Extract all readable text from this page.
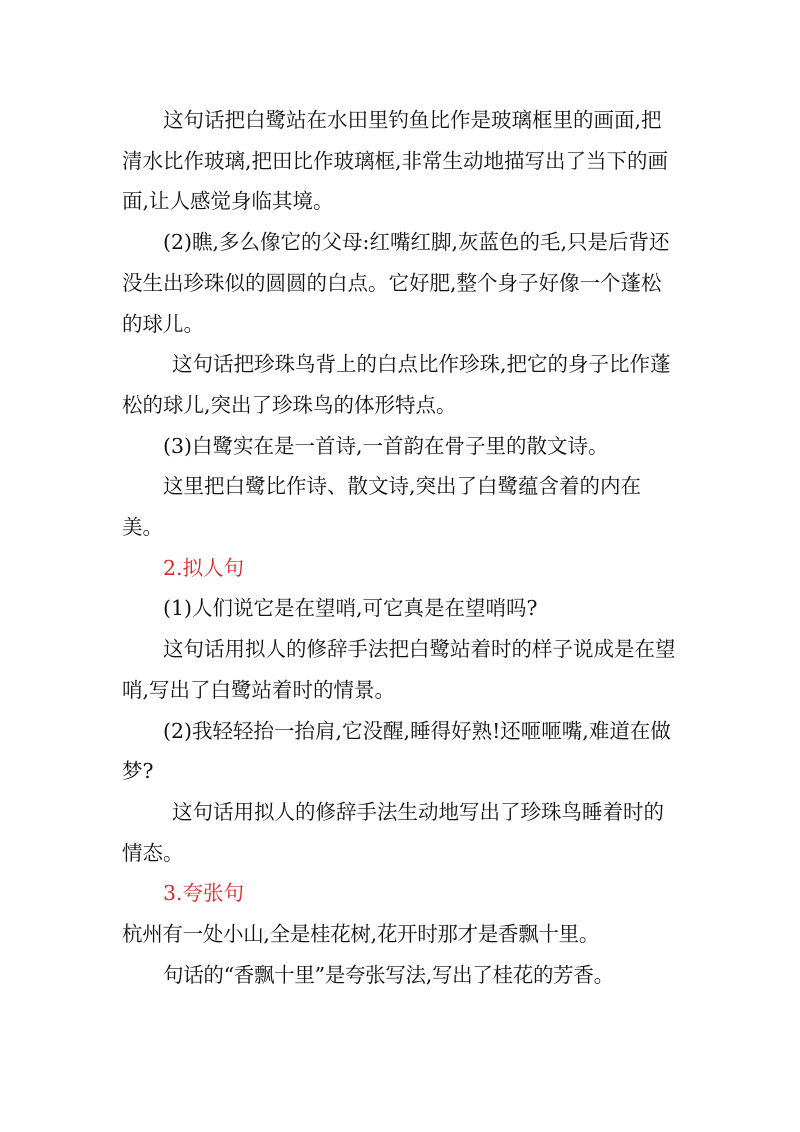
这句话把白鹭站在水田里钓鱼比作是玻璃框里的画面,把清水比作玻璃,把田比作玻璃框,非常生动地描写出了当下的画面,让人感觉身临其境。

(2)瞧,多么像它的父母:红嘴红脚,灰蓝色的毛,只是后背还没生出珍珠似的圆圆的白点。它好肥,整个身子好像一个蓬松的球儿。

这句话把珍珠鸟背上的白点比作珍珠,把它的身子比作蓬松的球儿,突出了珍珠鸟的体形特点。

(3)白鹭实在是一首诗,一首韵在骨子里的散文诗。

这里把白鹭比作诗、散文诗,突出了白鹭蕴含着的内在美。

2.拟人句

(1)人们说它是在望哨,可它真是在望哨吗?

这句话用拟人的修辞手法把白鹭站着时的样子说成是在望哨,写出了白鹭站着时的情景。

(2)我轻轻抬一抬肩,它没醒,睡得好熟!还咂咂嘴,难道在做梦?

这句话用拟人的修辞手法生动地写出了珍珠鸟睡着时的情态。

3.夸张句

杭州有一处小山,全是桂花树,花开时那才是香飘十里。

句话的“香飘十里”是夸张写法,写出了桂花的芳香。
